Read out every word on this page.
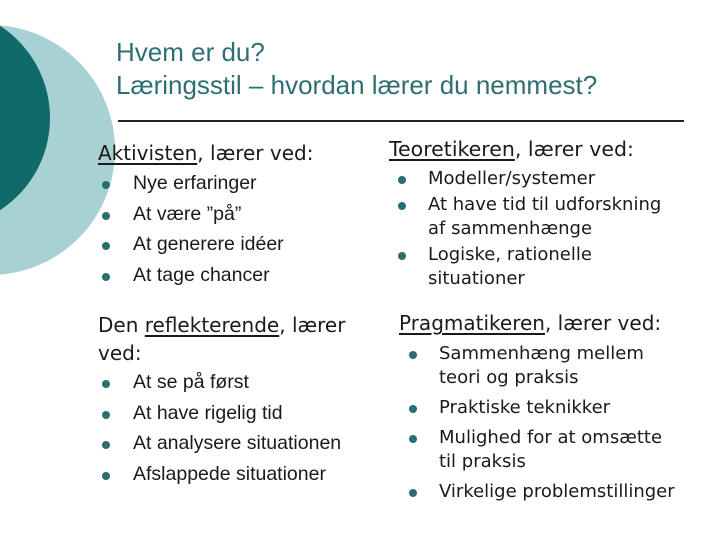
Hvem er du?
Læringsstil – hvordan lærer du nemmest?
Aktivisten, lærer ved:
Nye erfaringer
At være ”på”
At generere idéer
At tage chancer
Teoretikeren, lærer ved:
Modeller/systemer
At have tid til udforskning
af sammenhænge
Logiske, rationelle
situationer
Den reflekterende, lærer
ved:
At se på først
At have rigelig tid
At analysere situationen
Afslappede situationer
Pragmatikeren, lærer ved:
Sammenhæng mellem
teori og praksis
Praktiske teknikker
Mulighed for at omsætte
til praksis
Virkelige problemstillinger
